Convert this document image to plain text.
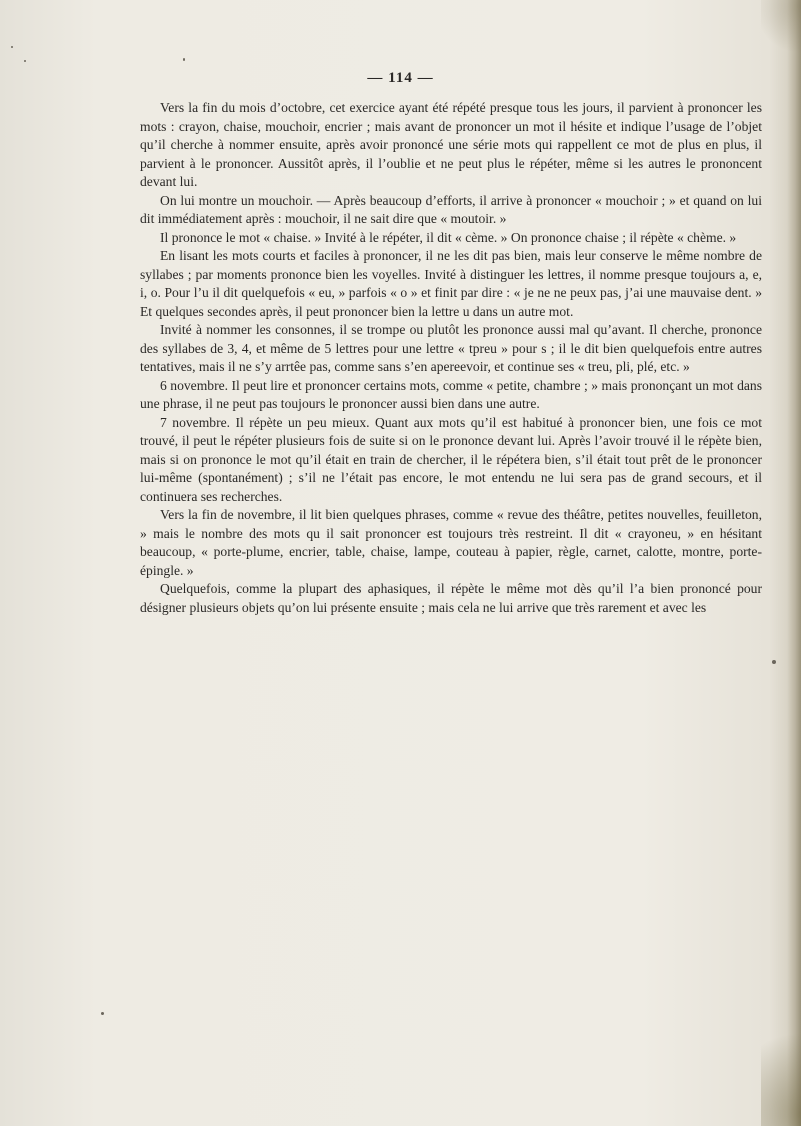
— 114 —

Vers la fin du mois d’octobre, cet exercice ayant été répété presque tous les jours, il parvient à prononcer les mots : crayon, chaise, mouchoir, encrier ; mais avant de prononcer un mot il hésite et indique l’usage de l’objet qu’il cherche à nommer ensuite, après avoir prononcé une série mots qui rappellent ce mot de plus en plus, il parvient à le prononcer. Aussitôt après, il l’oublie et ne peut plus le répéter, même si les autres le prononcent devant lui.

On lui montre un mouchoir. — Après beaucoup d’efforts, il arrive à prononcer « mouchoir ; » et quand on lui dit immédiatement après : mouchoir, il ne sait dire que « moutoir. »

Il prononce le mot « chaise. » Invité à le répéter, il dit « cème. » On prononce chaise ; il répète « chème. »

En lisant les mots courts et faciles à prononcer, il ne les dit pas bien, mais leur conserve le même nombre de syllabes ; par moments prononce bien les voyelles. Invité à distinguer les lettres, il nomme presque toujours a, e, i, o. Pour l’u il dit quelquefois « eu, » parfois « o » et finit par dire : « je ne ne peux pas, j’ai une mauvaise dent. » Et quelques secondes après, il peut prononcer bien la lettre u dans un autre mot.

Invité à nommer les consonnes, il se trompe ou plutôt les prononce aussi mal qu’avant. Il cherche, prononce des syllabes de 3, 4, et même de 5 lettres pour une lettre « tpreu » pour s ; il le dit bien quelquefois entre autres tentatives, mais il ne s’y arrtêe pas, comme sans s’en apereevoir, et continue ses « treu, pli, plé, etc. »

6 novembre. Il peut lire et prononcer certains mots, comme « petite, chambre ; » mais prononçant un mot dans une phrase, il ne peut pas toujours le prononcer aussi bien dans une autre.

7 novembre. Il répète un peu mieux. Quant aux mots qu’il est habitué à prononcer bien, une fois ce mot trouvé, il peut le répéter plusieurs fois de suite si on le prononce devant lui. Après l’avoir trouvé il le répète bien, mais si on prononce le mot qu’il était en train de chercher, il le répétera bien, s’il était tout prêt de le prononcer lui-même (spontanément) ; s’il ne l’était pas encore, le mot entendu ne lui sera pas de grand secours, et il continuera ses recherches.

Vers la fin de novembre, il lit bien quelques phrases, comme « revue des théâtre, petites nouvelles, feuilleton, » mais le nombre des mots qu il sait prononcer est toujours très restreint. Il dit « crayoneu, » en hésitant beaucoup, « porte-plume, encrier, table, chaise, lampe, couteau à papier, règle, carnet, calotte, montre, porte-épingle. »

Quelquefois, comme la plupart des aphasiques, il répète le même mot dès qu’il l’a bien prononcé pour désigner plusieurs objets qu’on lui présente ensuite ; mais cela ne lui arrive que très rarement et avec les
